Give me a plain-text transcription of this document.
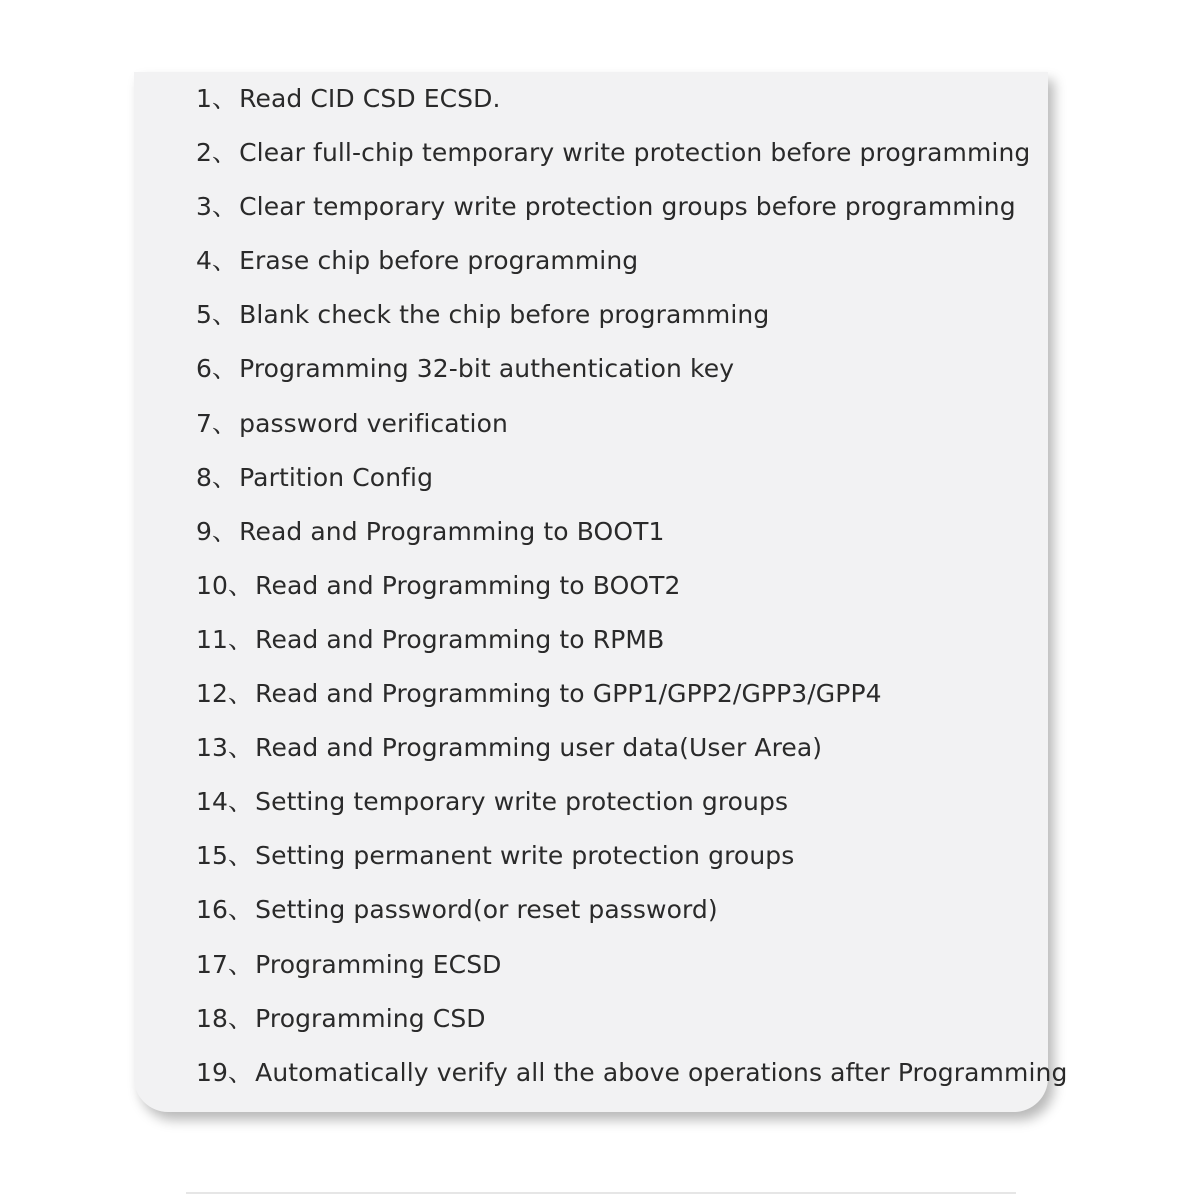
1、Read CID CSD ECSD.
2、Clear full-chip temporary write protection before programming
3、Clear temporary write protection groups before programming
4、Erase chip before programming
5、Blank check the chip before programming
6、Programming 32-bit authentication key
7、password verification
8、Partition Config
9、Read and Programming to BOOT1
10、Read and Programming to BOOT2
11、Read and Programming to RPMB
12、Read and Programming to GPP1/GPP2/GPP3/GPP4
13、Read and Programming user data(User Area)
14、Setting temporary write protection groups
15、Setting permanent write protection groups
16、Setting password(or reset password)
17、Programming ECSD
18、Programming CSD
19、Automatically verify all the above operations after Programming
